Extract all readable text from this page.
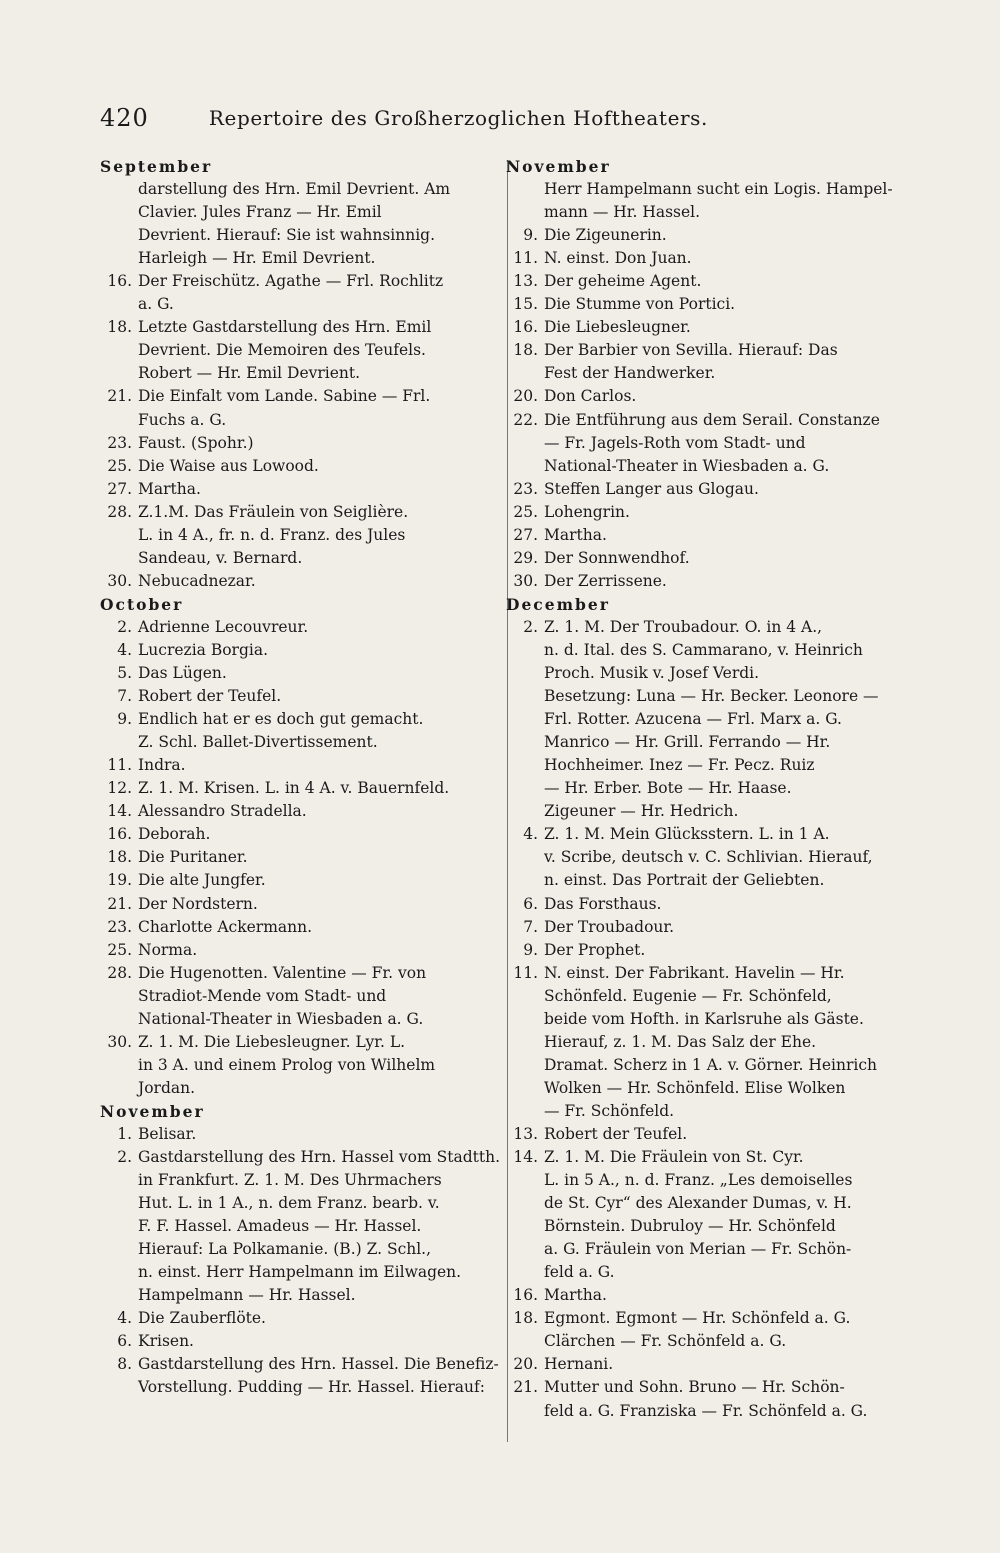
420	Repertoire des Großherzoglichen Hoftheaters.
September
darstellung des Hrn. Emil Devrient. Am
Clavier. Jules Franz — Hr. Emil
Devrient. Hierauf: Sie ist wahnsinnig.
Harleigh — Hr. Emil Devrient.
16. Der Freischütz. Agathe — Frl. Rochlitz
a. G.
18. Letzte Gastdarstellung des Hrn. Emil
Devrient. Die Memoiren des Teufels.
Robert — Hr. Emil Devrient.
21. Die Einfalt vom Lande. Sabine — Frl.
Fuchs a. G.
23. Faust. (Spohr.)
25. Die Waise aus Lowood.
27. Martha.
28. Z.1.M. Das Fräulein von Seiglière.
L. in 4 A., fr. n. d. Franz. des Jules
Sandeau, v. Bernard.
30. Nebucadnezar.
October
2. Adrienne Lecouvreur.
4. Lucrezia Borgia.
5. Das Lügen.
7. Robert der Teufel.
9. Endlich hat er es doch gut gemacht.
Z. Schl. Ballet-Divertissement.
11. Indra.
12. Z. 1. M. Krisen. L. in 4 A. v. Bauernfeld.
14. Alessandro Stradella.
16. Deborah.
18. Die Puritaner.
19. Die alte Jungfer.
21. Der Nordstern.
23. Charlotte Ackermann.
25. Norma.
28. Die Hugenotten. Valentine — Fr. von
Stradiot-Mende vom Stadt- und
National-Theater in Wiesbaden a. G.
30. Z. 1. M. Die Liebesleugner. Lyr. L.
in 3 A. und einem Prolog von Wilhelm
Jordan.
November
1. Belisar.
2. Gastdarstellung des Hrn. Hassel vom Stadtth.
in Frankfurt. Z. 1. M. Des Uhrmachers
Hut. L. in 1 A., n. dem Franz. bearb. v.
F. F. Hassel. Amadeus — Hr. Hassel.
Hierauf: La Polkamanie. (B.) Z. Schl.,
n. einst. Herr Hampelmann im Eilwagen.
Hampelmann — Hr. Hassel.
4. Die Zauberflöte.
6. Krisen.
8. Gastdarstellung des Hrn. Hassel. Die Benefiz-
Vorstellung. Pudding — Hr. Hassel. Hierauf:
November
Herr Hampelmann sucht ein Logis. Hampel-
mann — Hr. Hassel.
9. Die Zigeunerin.
11. N. einst. Don Juan.
13. Der geheime Agent.
15. Die Stumme von Portici.
16. Die Liebesleugner.
18. Der Barbier von Sevilla. Hierauf: Das
Fest der Handwerker.
20. Don Carlos.
22. Die Entführung aus dem Serail. Constanze
— Fr. Jagels-Roth vom Stadt- und
National-Theater in Wiesbaden a. G.
23. Steffen Langer aus Glogau.
25. Lohengrin.
27. Martha.
29. Der Sonnwendhof.
30. Der Zerrissene.
December
2. Z. 1. M. Der Troubadour. O. in 4 A.,
n. d. Ital. des S. Cammarano, v. Heinrich
Proch. Musik v. Josef Verdi.
Besetzung: Luna — Hr. Becker. Leonore —
Frl. Rotter. Azucena — Frl. Marx a. G.
Manrico — Hr. Grill. Ferrando — Hr.
Hochheimer. Inez — Fr. Pecz. Ruiz
— Hr. Erber. Bote — Hr. Haase.
Zigeuner — Hr. Hedrich.
4. Z. 1. M. Mein Glücksstern. L. in 1 A.
v. Scribe, deutsch v. C. Schlivian. Hierauf,
n. einst. Das Portrait der Geliebten.
6. Das Forsthaus.
7. Der Troubadour.
9. Der Prophet.
11. N. einst. Der Fabrikant. Havelin — Hr.
Schönfeld. Eugenie — Fr. Schönfeld,
beide vom Hofth. in Karlsruhe als Gäste.
Hierauf, z. 1. M. Das Salz der Ehe.
Dramat. Scherz in 1 A. v. Görner. Heinrich
Wolken — Hr. Schönfeld. Elise Wolken
— Fr. Schönfeld.
13. Robert der Teufel.
14. Z. 1. M. Die Fräulein von St. Cyr.
L. in 5 A., n. d. Franz. „Les demoiselles
de St. Cyr“ des Alexander Dumas, v. H.
Börnstein. Dubruloy — Hr. Schönfeld
a. G. Fräulein von Merian — Fr. Schön-
feld a. G.
16. Martha.
18. Egmont. Egmont — Hr. Schönfeld a. G.
Clärchen — Fr. Schönfeld a. G.
20. Hernani.
21. Mutter und Sohn. Bruno — Hr. Schön-
feld a. G. Franziska — Fr. Schönfeld a. G.
